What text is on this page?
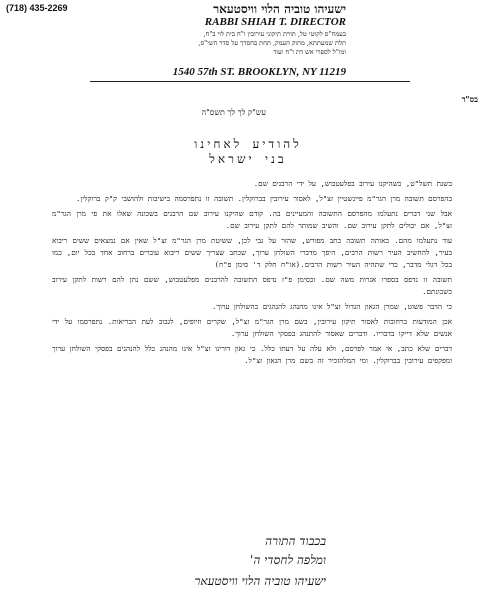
(718) 435-2269	ישעיהו טוביה הלוי וויסטעאר
RABBI SHIAH T. DIRECTOR
בעמח"ס לקוטי טל, תורת תיקוני עירובין ו"ח בית לוי ב"ח,
תלת שמעתתא, מתוק העמק, תחת בחסדך על סדר השי"ס,
ומו"ל לספרי אש דת ו"ח ועוד
1540 57th ST. BROOKLYN, NY 11219
בס"ד
עש"ק לך לך תשס"ה
להודיע לאחינו
בני ישראל

בשנת תשל"ט, כשהיקנו עירוב בפלעטבוש, על ידי הרבנים שם.

בהפרסם תשובה מרן הגר"מ פיינשטיין זצ"ל, לאסור עירובין בברוקלין. תשובה זו נתפרסמה בישיבות ולהושבי ק"ק ברוקלין.

אבל שני דברים נתעלמו מהפרסם התשובה והמעיינים בה. קודם שהיקנו עירוב שם הרבנים בשכונה שאלו את פי מרן הגר"מ זצ"ל, אם יכולים לתקן עירוב שם. והשיב שמותר להם לתקן עירוב שם.

עוד נתעלמו מהם. כאותה תשובה כתב מפורש, שהזר על גבי לכן, ששיטת מרן הגר"מ זצ"ל שאין אם נמצאים ששים ריבוא בעיר, להחשיב העיר רשות הרבים, היפך מדברי השולחן ערוך, שכתב שצריך ששים ריבוא עוברים ברחוב אחד בכל יום, כמו בכל דגלי מדבר, כדי שתהיה העיר רשות הרבים.(או"ח חלק ד' סימן פ"ח)

תשובה זו נדפס בספרו אגרות משה שם. וכסימן פ"ז נדפס התשובה להרבנים מפלעטבוש, ששם נתן להם רשות לתקן עירוב כשכונתם.

כי הדבר פשוט, שמרן הגאון הגדול זצ"ל אינו מהנהג להנהגים כהשולחן ערוך.

אכן המודעות ברחובות לאסור תיקון עירובין, בשם מרן הגר"מ זצ"ל, שקרים וזיופים, לגבוב לעת הבריאות. נתפרסמו על ידי אנשים שלא דייקו בדבריו. ודברים שאסור להתנהג בפסקי השולחן ערוך.

דברים שלא כתב, אי אמר לפרסם, ולא עלה על דעתו כלל. כי גאון דורינו זצ"ל אינו מהנהג כלל להנהגים בפסקי השולחן ערוך ומפקפים עירובין בברוקלין. ומי המלהזכיר זה בשם מרן הגאון זצ"ל.

בכבוד התורה
ומלפה לחסדי ה'
ישעיהו טוביה הלוי וויסטעאר
